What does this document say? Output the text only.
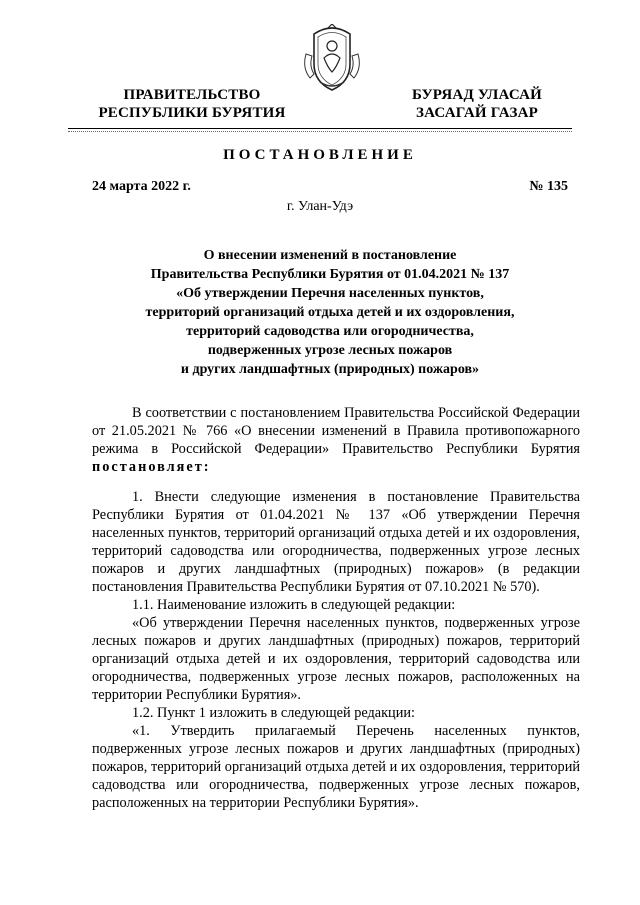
ПРАВИТЕЛЬСТВО
РЕСПУБЛИКИ БУРЯТИЯ
БУРЯАД УЛАСАЙ
ЗАСАГАЙ ГАЗАР
ПОСТАНОВЛЕНИЕ
24 марта 2022 г.	№ 135
г. Улан-Удэ
О внесении изменений в постановление
Правительства Республики Бурятия от 01.04.2021 № 137
«Об утверждении Перечня населенных пунктов,
территорий организаций отдыха детей и их оздоровления,
территорий садоводства или огородничества,
подверженных угрозе лесных пожаров
и других ландшафтных (природных) пожаров»

В соответствии с постановлением Правительства Российской Федерации от 21.05.2021 № 766 «О внесении изменений в Правила противопожарного режима в Российской Федерации» Правительство Республики Бурятия постановляет:

1. Внести следующие изменения в постановление Правительства Республики Бурятия от 01.04.2021 № 137 «Об утверждении Перечня населенных пунктов, территорий организаций отдыха детей и их оздоровления, территорий садоводства или огородничества, подверженных угрозе лесных пожаров и других ландшафтных (природных) пожаров» (в редакции постановления Правительства Республики Бурятия от 07.10.2021 № 570).

1.1. Наименование изложить в следующей редакции:

«Об утверждении Перечня населенных пунктов, подверженных угрозе лесных пожаров и других ландшафтных (природных) пожаров, территорий организаций отдыха детей и их оздоровления, территорий садоводства или огородничества, подверженных угрозе лесных пожаров, расположенных на территории Республики Бурятия».

1.2. Пункт 1 изложить в следующей редакции:

«1. Утвердить прилагаемый Перечень населенных пунктов, подверженных угрозе лесных пожаров и других ландшафтных (природных) пожаров, территорий организаций отдыха детей и их оздоровления, территорий садоводства или огородничества, подверженных угрозе лесных пожаров, расположенных на территории Республики Бурятия».
